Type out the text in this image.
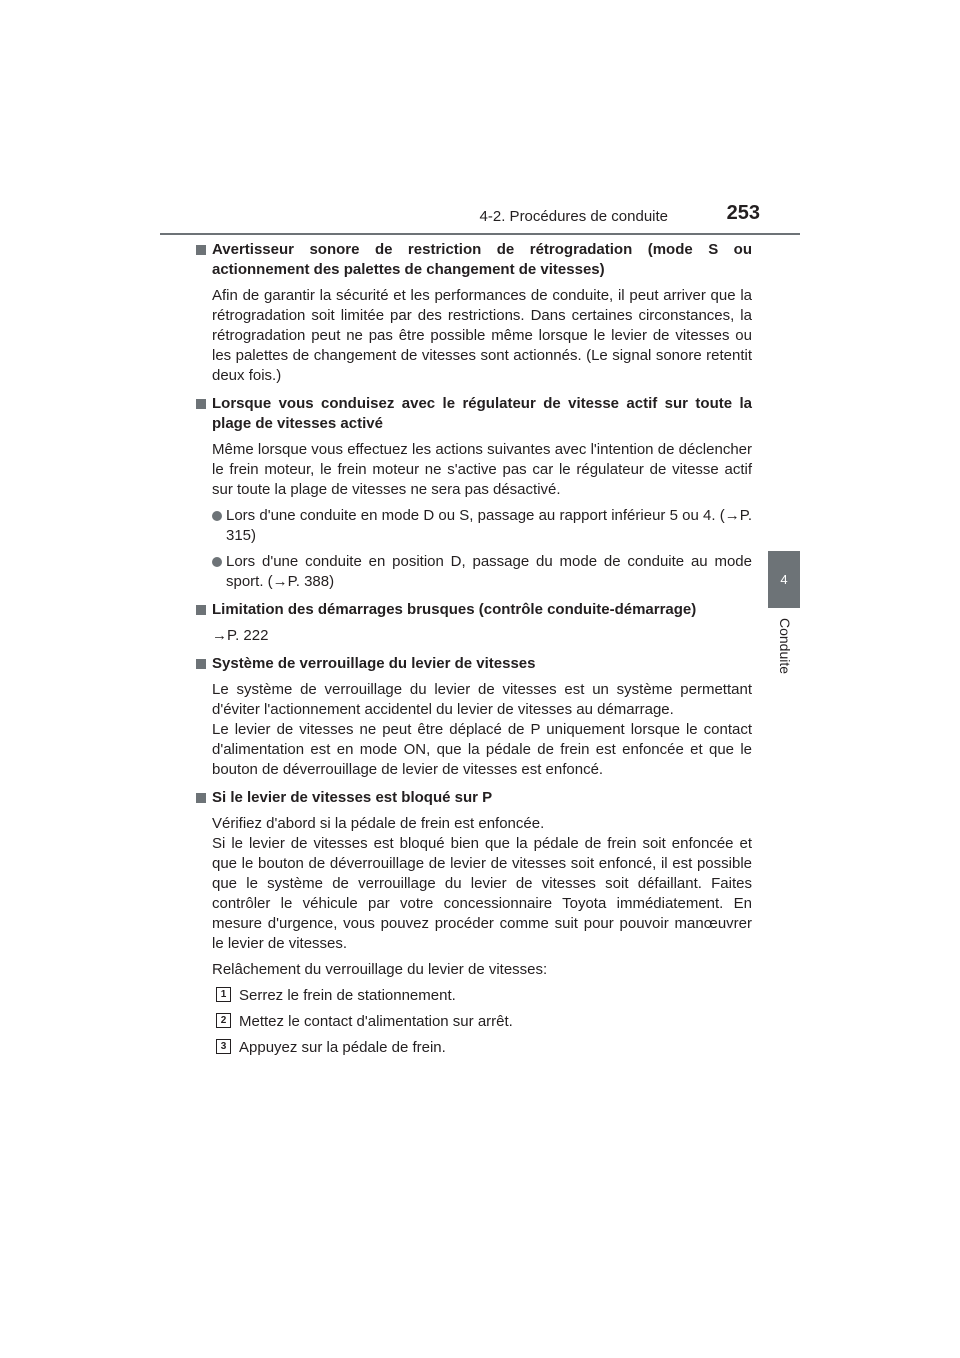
4-2. Procédures de conduite	253
4
Conduite
Avertisseur sonore de restriction de rétrogradation (mode S ou actionnement des palettes de changement de vitesses)

Afin de garantir la sécurité et les performances de conduite, il peut arriver que la rétrogradation soit limitée par des restrictions. Dans certaines circonstances, la rétrogradation peut ne pas être possible même lorsque le levier de vitesses ou les palettes de changement de vitesses sont actionnés. (Le signal sonore retentit deux fois.)

Lorsque vous conduisez avec le régulateur de vitesse actif sur toute la plage de vitesses activé

Même lorsque vous effectuez les actions suivantes avec l'intention de déclencher le frein moteur, le frein moteur ne s'active pas car le régulateur de vitesse actif sur toute la plage de vitesses ne sera pas désactivé.

Lors d'une conduite en mode D ou S, passage au rapport inférieur 5 ou 4. (→P. 315)
Lors d'une conduite en position D, passage du mode de conduite au mode sport. (→P. 388)
Limitation des démarrages brusques (contrôle conduite-démarrage)

→P. 222

Système de verrouillage du levier de vitesses

Le système de verrouillage du levier de vitesses est un système permettant d'éviter l'actionnement accidentel du levier de vitesses au démarrage.
Le levier de vitesses ne peut être déplacé de P uniquement lorsque le contact d'alimentation est en mode ON, que la pédale de frein est enfoncée et que le bouton de déverrouillage de levier de vitesses est enfoncé.

Si le levier de vitesses est bloqué sur P

Vérifiez d'abord si la pédale de frein est enfoncée.
Si le levier de vitesses est bloqué bien que la pédale de frein soit enfoncée et que le bouton de déverrouillage de levier de vitesses soit enfoncé, il est possible que le système de verrouillage du levier de vitesses soit défaillant. Faites contrôler le véhicule par votre concessionnaire Toyota immédiatement. En mesure d'urgence, vous pouvez procéder comme suit pour pouvoir manœuvrer le levier de vitesses.

Relâchement du verrouillage du levier de vitesses:

1 Serrez le frein de stationnement.
2 Mettez le contact d'alimentation sur arrêt.
3 Appuyez sur la pédale de frein.
